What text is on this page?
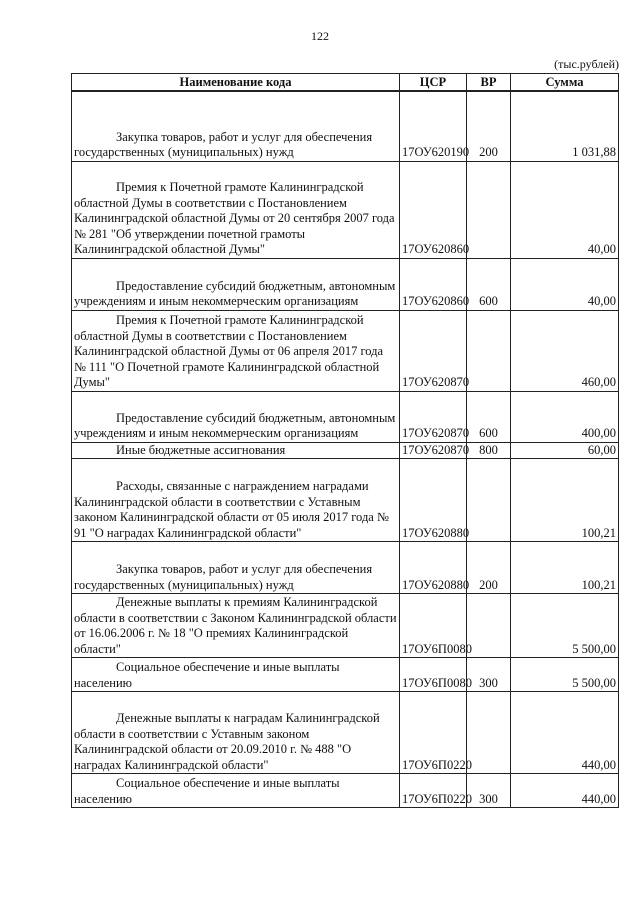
122
(тыс.рублей)
Наименование кода	ЦСР	ВР	Сумма

Закупка товаров, работ и услуг для обеспечения государственных (муниципальных) нужд	17ОУ620190	200	1 031,88

Премия к Почетной грамоте Калининградской областной Думы в соответствии с Постановлением Калининградской областной Думы от 20 сентября 2007 года № 281 "Об утверждении почетной грамоты Калининградской областной Думы"	17ОУ620860		40,00

Предоставление субсидий бюджетным, автономным учреждениям и иным некоммерческим организациям	17ОУ620860	600	40,00

Премия к Почетной грамоте Калининградской областной Думы в соответствии с Постановлением Калининградской областной Думы от 06 апреля 2017 года № 111 "О Почетной грамоте Калининградской областной Думы"	17ОУ620870		460,00

Предоставление субсидий бюджетным, автономным учреждениям и иным некоммерческим организациям	17ОУ620870	600	400,00

Иные бюджетные ассигнования	17ОУ620870	800	60,00

Расходы, связанные с награждением наградами Калининградской области в соответствии с Уставным законом Калининградской области от 05 июля 2017 года № 91 "О наградах Калининградской области"	17ОУ620880		100,21

Закупка товаров, работ и услуг для обеспечения государственных (муниципальных) нужд	17ОУ620880	200	100,21

Денежные выплаты к премиям Калининградской области в соответствии с Законом Калининградской области от 16.06.2006 г. № 18 "О премиях Калининградской области"	17ОУ6П0080		5 500,00

Социальное обеспечение и иные выплаты населению	17ОУ6П0080	300	5 500,00

Денежные выплаты к наградам Калининградской области в соответствии с Уставным законом Калининградской области от 20.09.2010 г. № 488 "О наградах Калининградской области"	17ОУ6П0220		440,00

Социальное обеспечение и иные выплаты населению	17ОУ6П0220	300	440,00
